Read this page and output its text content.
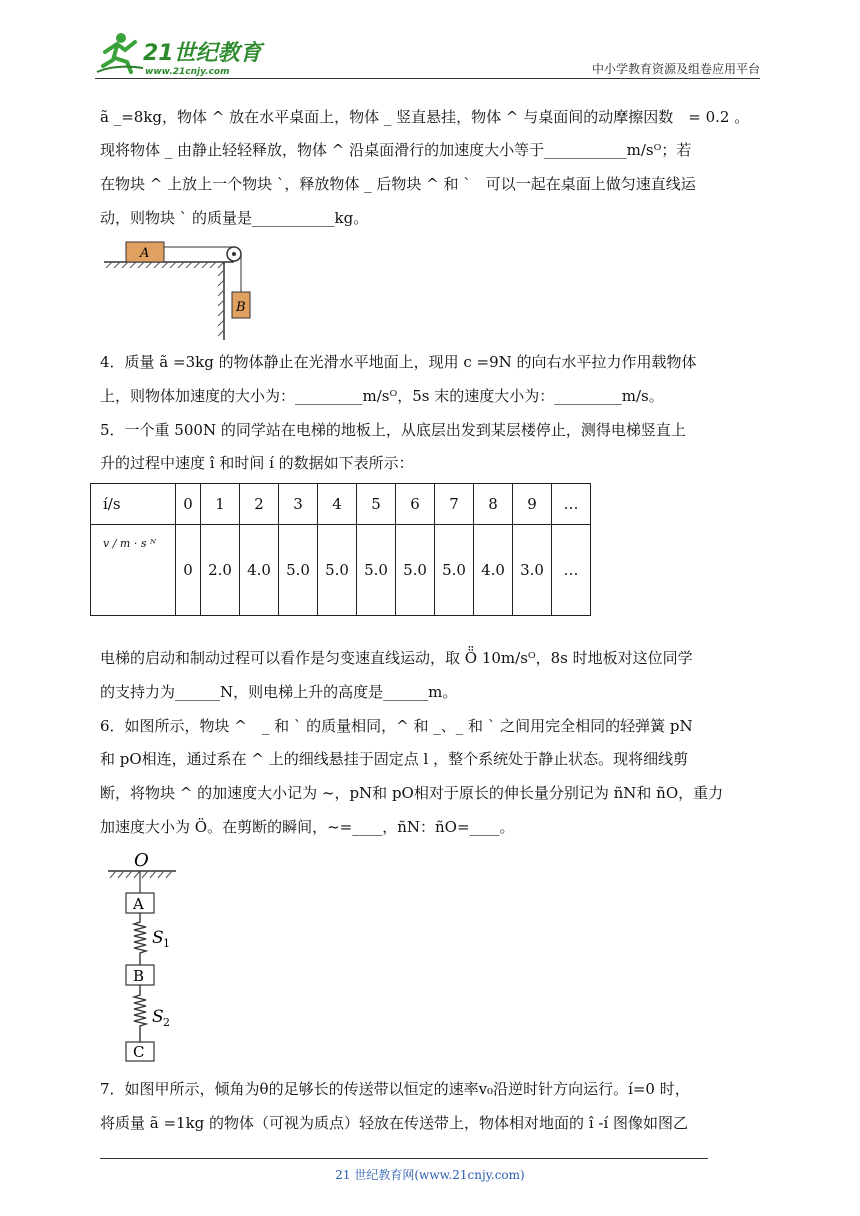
21世纪教育
www.21cnjy.com	中小学教育资源及组卷应用平台
ã _=8kg，物体 ^ 放在水平桌面上，物体 _ 竖直悬挂，物体 ^ 与桌面间的动摩擦因数　= 0.2 。
现将物体 _ 由静止轻轻释放，物体 ^ 沿桌面滑行的加速度大小等于___________m/sᴼ；若
在物块 ^ 上放上一个物块 `，释放物体 _ 后物块 ^ 和 `　可以一起在桌面上做匀速直线运
动，则物块 ` 的质量是___________kg。
A
B
4．质量 ã =3kg 的物体静止在光滑水平地面上，现用 c =9N 的向右水平拉力作用载物体
上，则物体加速度的大小为：_________m/sᴼ，5s 末的速度大小为：_________m/s。
5．一个重 500N 的同学站在电梯的地板上，从底层出发到某层楼停止，测得电梯竖直上
升的过程中速度 î 和时间 í 的数据如下表所示：
í/s	0	1	2	3	4	5	6	7	8	9	…
v / m · s ᴺ	0	2.0	4.0	5.0	5.0	5.0	5.0	5.0	4.0	3.0	…
电梯的启动和制动过程可以看作是匀变速直线运动，取 Ö̈ 10m/sᴼ，8s 时地板对这位同学
的支持力为______N，则电梯上升的高度是______m。
6．如图所示，物块 ^　_ 和 ` 的质量相同，^ 和 _、_ 和 ` 之间用完全相同的轻弹簧 pN
和 pO相连，通过系在 ^ 上的细线悬挂于固定点 l ，整个系统处于静止状态。现将细线剪
断，将物块 ^ 的加速度大小记为 ~，pN和 pO相对于原长的伸长量分别记为 ñN和 ñO，重力
加速度大小为 Ö。在剪断的瞬间，~=____，ñN：ñO=____。
O
A
S 1
B
S 2
C
7．如图甲所示，倾角为θ的足够长的传送带以恒定的速率v₀沿逆时针方向运行。í=0 时，
将质量 ã =1kg 的物体（可视为质点）轻放在传送带上，物体相对地面的 î -í 图像如图乙
21 世纪教育网(www.21cnjy.com)
